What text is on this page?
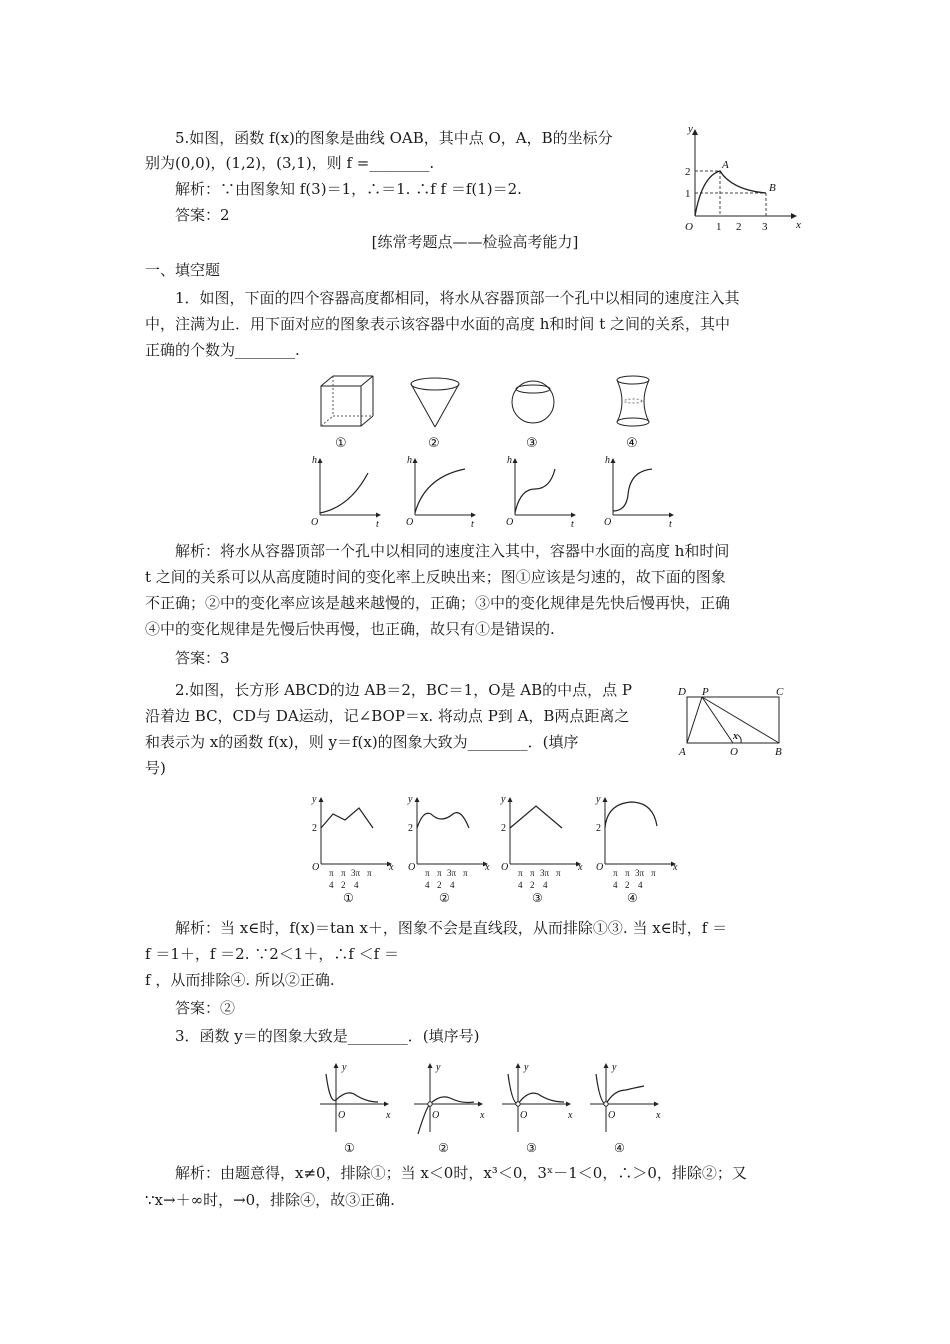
5.如图，函数 f(x)的图象是曲线 OAB，其中点 O，A，B的坐标分
别为(0,0)，(1,2)，(3,1)，则 f =________.
解析：∵由图象知 f(3)＝1，∴＝1. ∴f f ＝f(1)＝2.
答案：2
y
x
O 1 2 3
2
1
A
B
[练常考题点——检验高考能力]
一、填空题
1．如图，下面的四个容器高度都相同，将水从容器顶部一个孔中以相同的速度注入其
中，注满为止．用下面对应的图象表示该容器中水面的高度 h和时间 t 之间的关系，其中
正确的个数为________.
①	②	③	④
h
t
O
h
t
O
h
t
O
h
t
O
解析：将水从容器顶部一个孔中以相同的速度注入其中，容器中水面的高度 h和时间
t 之间的关系可以从高度随时间的变化率上反映出来；图①应该是匀速的，故下面的图象
不正确；②中的变化率应该是越来越慢的，正确；③中的变化规律是先快后慢再快，正确
④中的变化规律是先慢后快再慢，也正确，故只有①是错误的.
答案：3
2.如图，长方形 ABCD的边 AB＝2，BC＝1，O是 AB的中点，点 P
沿着边 BC，CD与 DA运动，记∠BOP＝x. 将动点 P到 A，B两点距离之
和表示为 x的函数 f(x)，则 y＝f(x)的图象大致为________．(填序
号)
D P	C
A	O	B
x
y
2
O	x
π π 3π π
4 2 4
①
y
2
O	x
π π 3π π
4 2 4
②
y
2
O	x
π π 3π π
4 2 4
③
y
2
O	x
π π 3π π
4 2 4
④
解析：当 x∈时，f(x)＝tan x＋，图象不会是直线段，从而排除①③. 当 x∈时，f ＝
f ＝1＋，f ＝2. ∵2＜1＋，∴f ＜f ＝
f ，从而排除④. 所以②正确.
答案：②
3．函数 y＝的图象大致是________．(填序号)
y
O	x
①
y
O	x
②
y
O	x
③
y
O	x
④
解析：由题意得，x≠0，排除①；当 x＜0时，x³＜0，3ˣ－1＜0，∴＞0，排除②；又
∵x→＋∞时，→0，排除④，故③正确.
